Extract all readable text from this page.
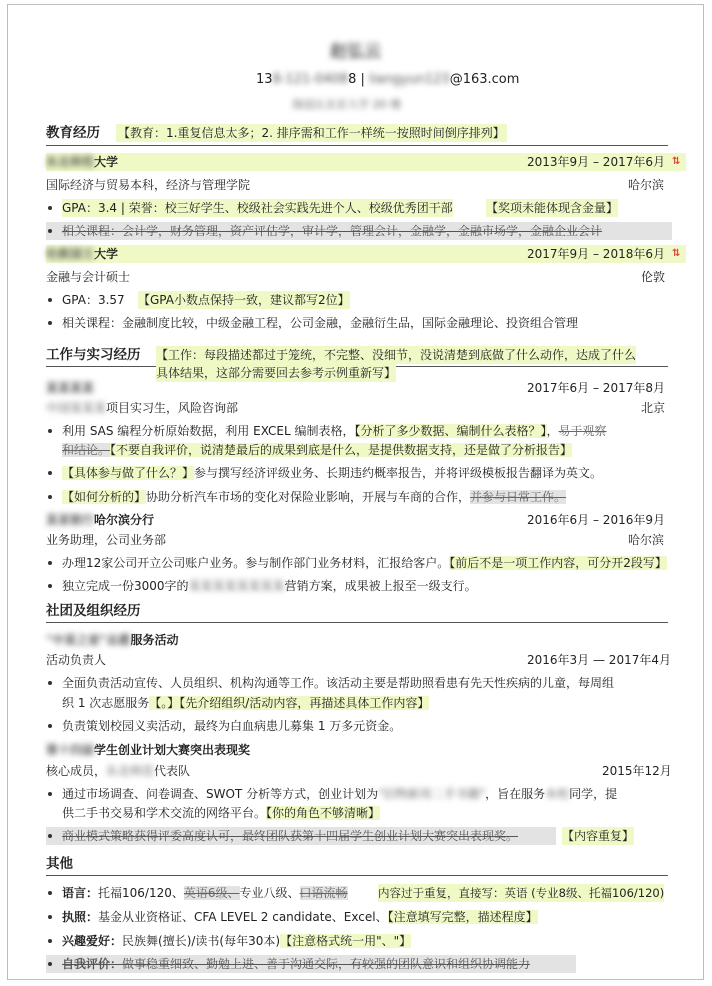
赵弘云
138-121-04088 | liangyun123@163.com
海淀区北京大学 20 楼
教育经历 【教育：1.重复信息太多；2. 排序需和工作一样统一按照时间倒序排列】
东北师范大学	2013年9月 – 2017年6月 ⇅
国际经济与贸易本科，经济与管理学院	哈尔滨
GPA：3.4 | 荣誉：校三好学生、校级社会实践先进个人、校级优秀团干部	【奖项未能体现含金量】
相关课程：会计学，财务管理，资产评估学，审计学，管理会计，金融学，金融市场学，金融企业会计
伦敦国王大学	2017年9月 – 2018年6月 ⇅
金融与会计硕士	伦敦
GPA：3.57 【GPA小数点保持一致，建议都写2位】
相关课程：金融制度比较，中级金融工程，公司金融，金融衍生品，国际金融理论、投资组合管理
工作与实习经历 【工作：每段描述都过于笼统，不完整、没细节，没说清楚到底做了什么动作，达成了什么
具体结果，这部分需要回去参考示例重新写】
某某某某	2017年6月 – 2017年8月
中国某某某项目实习生，风险咨询部	北京
利用 SAS 编程分析原始数据，利用 EXCEL 编制表格，【分析了多少数据、编制什么表格？】，易于观察
和结论。【不要自我评价，说清楚最后的成果到底是什么，是提供数据支持，还是做了分析报告】
【具体参与做了什么？】参与撰写经济评级业务、长期违约概率报告，并将评级模板报告翻译为英文。
【如何分析的】协助分析汽车市场的变化对保险业影响，开展与车商的合作，并参与日常工作。
某某银行哈尔滨分行	2016年6月 – 2016年9月
业务助理，公司业务部	哈尔滨
办理12家公司开立公司账户业务。参与制作部门业务材料，汇报给客户。【前后不是一项工作内容，可分开2段写】
独立完成一份3000字的某某某某某某某某营销方案，成果被上报至一级支行。
社团及组织经历
"中某之家"志愿服务活动
活动负责人	2016年3月 — 2017年4月
全面负责活动宣传、人员组织、机构沟通等工作。该活动主要是帮助照看患有先天性疾病的儿童，每周组
织 1 次志愿服务【。】【先介绍组织/活动内容，再描述具体工作内容】
负责策划校园义卖活动，最终为白血病患儿募集 1 万多元资金。
第十四届学生创业计划大赛突出表现奖
核心成员，东北师范代表队	2015年12月
通过市场调查、问卷调查、SWOT 分析等方式，创业计划为"旧物新用二手书籍"，旨在服务本校同学，提
供二手书交易和学术交流的网络平台。【你的角色不够清晰】
商业模式策略获得评委高度认可，最终团队获第十四届学生创业计划大赛突出表现奖。	【内容重复】
其他
语言：托福106/120、英语6级、专业八级、口语流畅	内容过于重复，直接写：英语 (专业8级、托福106/120)
执照：基金从业资格证、CFA LEVEL 2 candidate、Excel、【注意填写完整，描述程度】
兴趣爱好：民族舞(擅长)/读书(每年30本)【注意格式统一用"、"】
自我评价：做事稳重细致、勤勉上进、善于沟通交际，有较强的团队意识和组织协调能力
